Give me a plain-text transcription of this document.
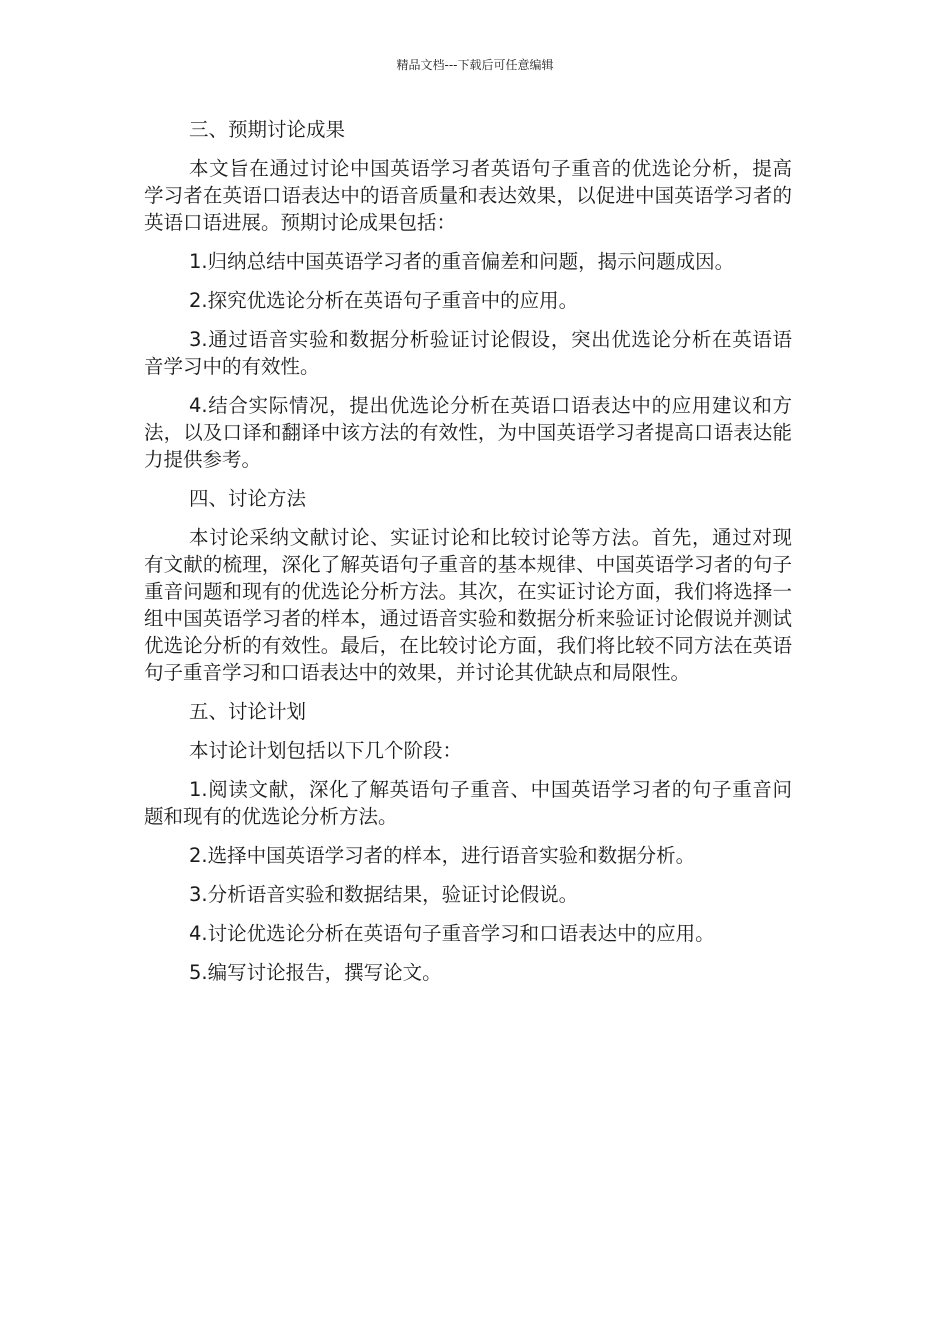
精品文档---下载后可任意编辑

三、预期讨论成果

本文旨在通过讨论中国英语学习者英语句子重音的优选论分析，提高学习者在英语口语表达中的语音质量和表达效果，以促进中国英语学习者的英语口语进展。预期讨论成果包括：

1.归纳总结中国英语学习者的重音偏差和问题，揭示问题成因。

2.探究优选论分析在英语句子重音中的应用。

3.通过语音实验和数据分析验证讨论假设，突出优选论分析在英语语音学习中的有效性。

4.结合实际情况，提出优选论分析在英语口语表达中的应用建议和方法，以及口译和翻译中该方法的有效性，为中国英语学习者提高口语表达能力提供参考。

四、讨论方法

本讨论采纳文献讨论、实证讨论和比较讨论等方法。首先，通过对现有文献的梳理，深化了解英语句子重音的基本规律、中国英语学习者的句子重音问题和现有的优选论分析方法。其次，在实证讨论方面，我们将选择一组中国英语学习者的样本，通过语音实验和数据分析来验证讨论假说并测试优选论分析的有效性。最后，在比较讨论方面，我们将比较不同方法在英语句子重音学习和口语表达中的效果，并讨论其优缺点和局限性。

五、讨论计划

本讨论计划包括以下几个阶段：

1.阅读文献，深化了解英语句子重音、中国英语学习者的句子重音问题和现有的优选论分析方法。

2.选择中国英语学习者的样本，进行语音实验和数据分析。

3.分析语音实验和数据结果，验证讨论假说。

4.讨论优选论分析在英语句子重音学习和口语表达中的应用。

5.编写讨论报告，撰写论文。
